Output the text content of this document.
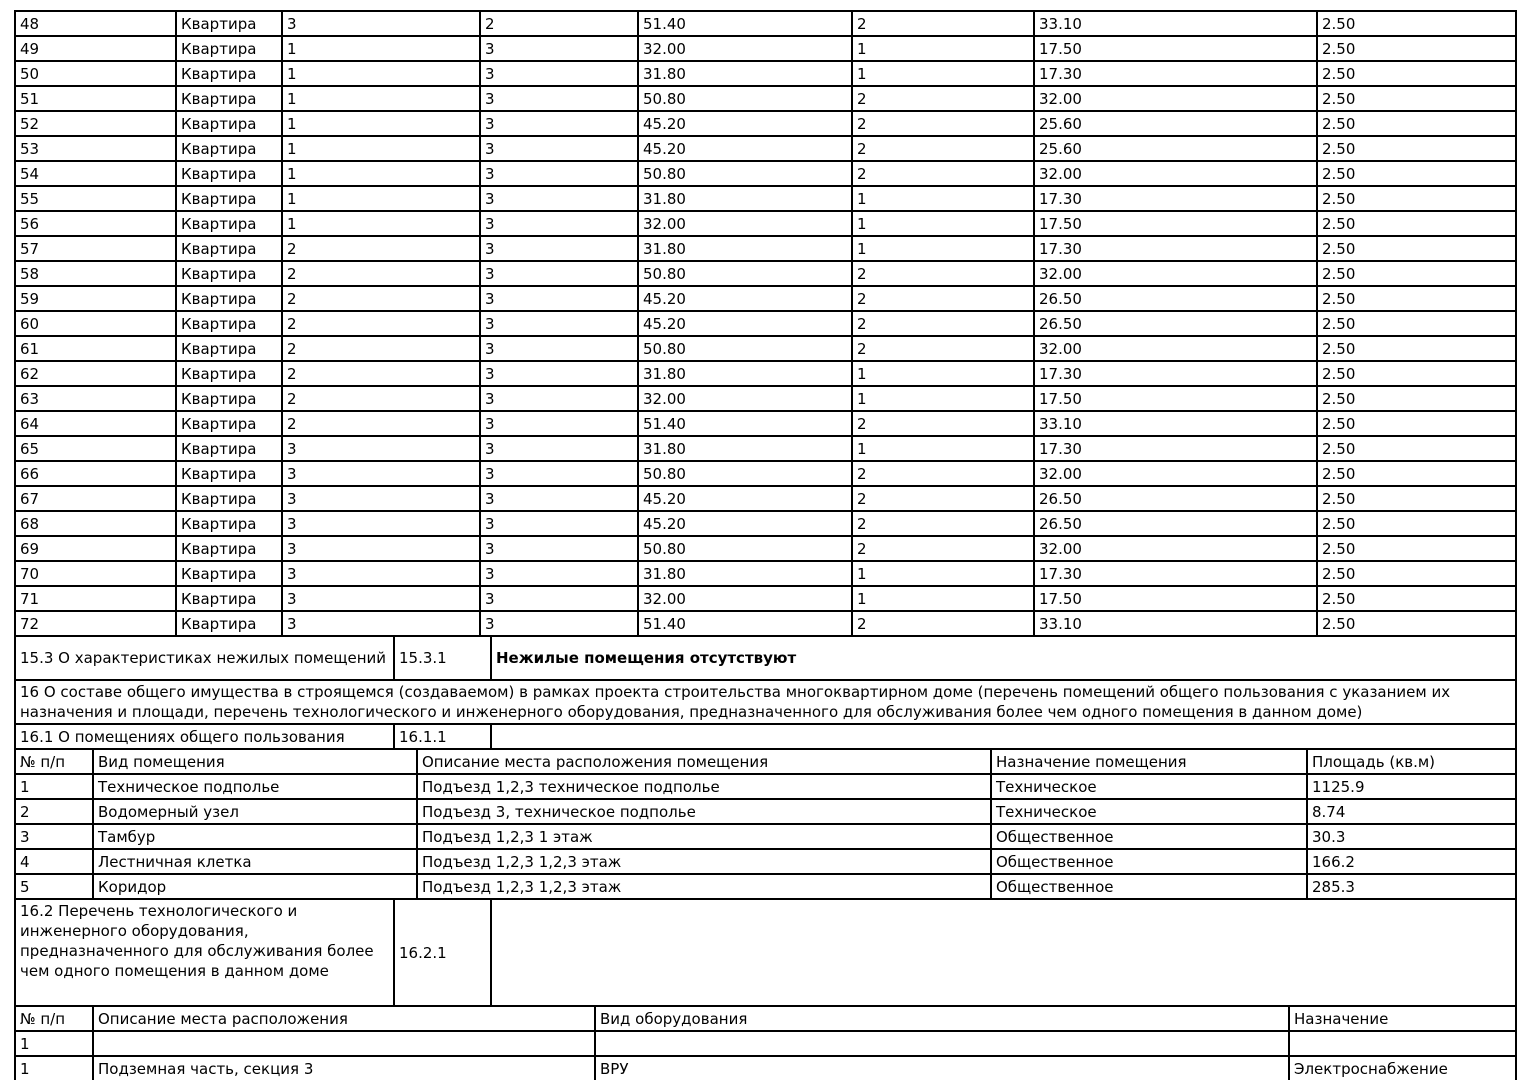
48	Квартира	3	2	51.40	2	33.10	2.50
49	Квартира	1	3	32.00	1	17.50	2.50
50	Квартира	1	3	31.80	1	17.30	2.50
51	Квартира	1	3	50.80	2	32.00	2.50
52	Квартира	1	3	45.20	2	25.60	2.50
53	Квартира	1	3	45.20	2	25.60	2.50
54	Квартира	1	3	50.80	2	32.00	2.50
55	Квартира	1	3	31.80	1	17.30	2.50
56	Квартира	1	3	32.00	1	17.50	2.50
57	Квартира	2	3	31.80	1	17.30	2.50
58	Квартира	2	3	50.80	2	32.00	2.50
59	Квартира	2	3	45.20	2	26.50	2.50
60	Квартира	2	3	45.20	2	26.50	2.50
61	Квартира	2	3	50.80	2	32.00	2.50
62	Квартира	2	3	31.80	1	17.30	2.50
63	Квартира	2	3	32.00	1	17.50	2.50
64	Квартира	2	3	51.40	2	33.10	2.50
65	Квартира	3	3	31.80	1	17.30	2.50
66	Квартира	3	3	50.80	2	32.00	2.50
67	Квартира	3	3	45.20	2	26.50	2.50
68	Квартира	3	3	45.20	2	26.50	2.50
69	Квартира	3	3	50.80	2	32.00	2.50
70	Квартира	3	3	31.80	1	17.30	2.50
71	Квартира	3	3	32.00	1	17.50	2.50
72	Квартира	3	3	51.40	2	33.10	2.50
15.3 О характеристиках нежилых помещений	15.3.1	Нежилые помещения отсутствуют
16 О составе общего имущества в строящемся (создаваемом) в рамках проекта строительства многоквартирном доме (перечень помещений общего пользования с указанием их назначения и площади, перечень технологического и инженерного оборудования, предназначенного для обслуживания более чем одного помещения в данном доме)
16.1 О помещениях общего пользования	16.1.1	
№ п/п	Вид помещения	Описание места расположения помещения	Назначение помещения	Площадь (кв.м)
1	Техническое подполье	Подъезд 1,2,3 техническое подполье	Техническое	1125.9
2	Водомерный узел	Подъезд 3, техническое подполье	Техническое	8.74
3	Тамбур	Подъезд 1,2,3 1 этаж	Общественное	30.3
4	Лестничная клетка	Подъезд 1,2,3 1,2,3 этаж	Общественное	166.2
5	Коридор	Подъезд 1,2,3 1,2,3 этаж	Общественное	285.3
16.2 Перечень технологического и инженерного оборудования, предназначенного для обслуживания более чем одного помещения в данном доме	16.2.1	
№ п/п	Описание места расположения	Вид оборудования	Назначение
1			
1	Подземная часть, секция 3	ВРУ	Электроснабжение
